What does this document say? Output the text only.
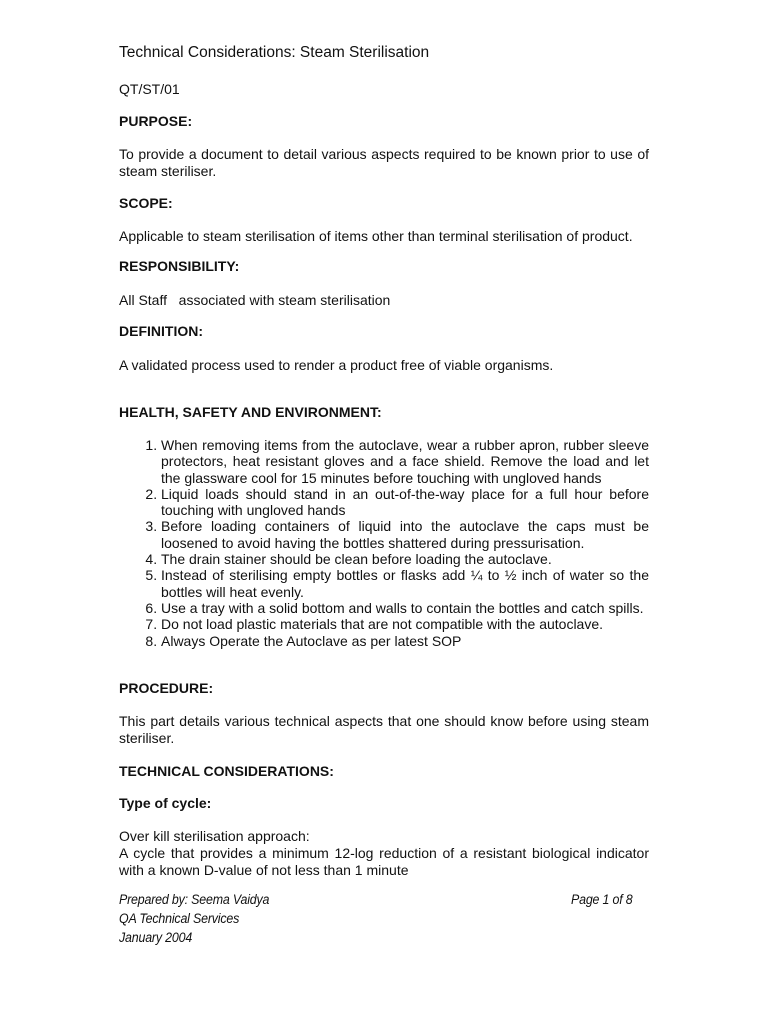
Technical Considerations: Steam Sterilisation

QT/ST/01

PURPOSE:

To provide a document to detail various aspects required to be known prior to use of steam steriliser.

SCOPE:

Applicable to steam sterilisation of items other than terminal sterilisation of product.

RESPONSIBILITY:

All Staff   associated with steam sterilisation

DEFINITION:

A validated process used to render a product free of viable organisms.

HEALTH, SAFETY AND ENVIRONMENT:

1. When removing items from the autoclave, wear a rubber apron, rubber sleeve protectors, heat resistant gloves and a face shield. Remove the load and let the glassware cool for 15 minutes before touching with ungloved hands
2. Liquid loads should stand in an out-of-the-way place for a full hour before touching with ungloved hands
3. Before loading containers of liquid into the autoclave the caps must be loosened to avoid having the bottles shattered during pressurisation.
4. The drain stainer should be clean before loading the autoclave.
5. Instead of sterilising empty bottles or flasks add ¼ to ½ inch of water so the bottles will heat evenly.
6. Use a tray with a solid bottom and walls to contain the bottles and catch spills.
7. Do not load plastic materials that are not compatible with the autoclave.
8. Always Operate the Autoclave as per latest SOP

PROCEDURE:

This part details various technical aspects that one should know before using steam steriliser.

TECHNICAL CONSIDERATIONS:

Type of cycle:

Over kill sterilisation approach:

A cycle that provides a minimum 12-log reduction of a resistant biological indicator with a known D-value of not less than 1 minute

Prepared by: Seema Vaidya

QA Technical Services

January 2004

Page 1 of 8
